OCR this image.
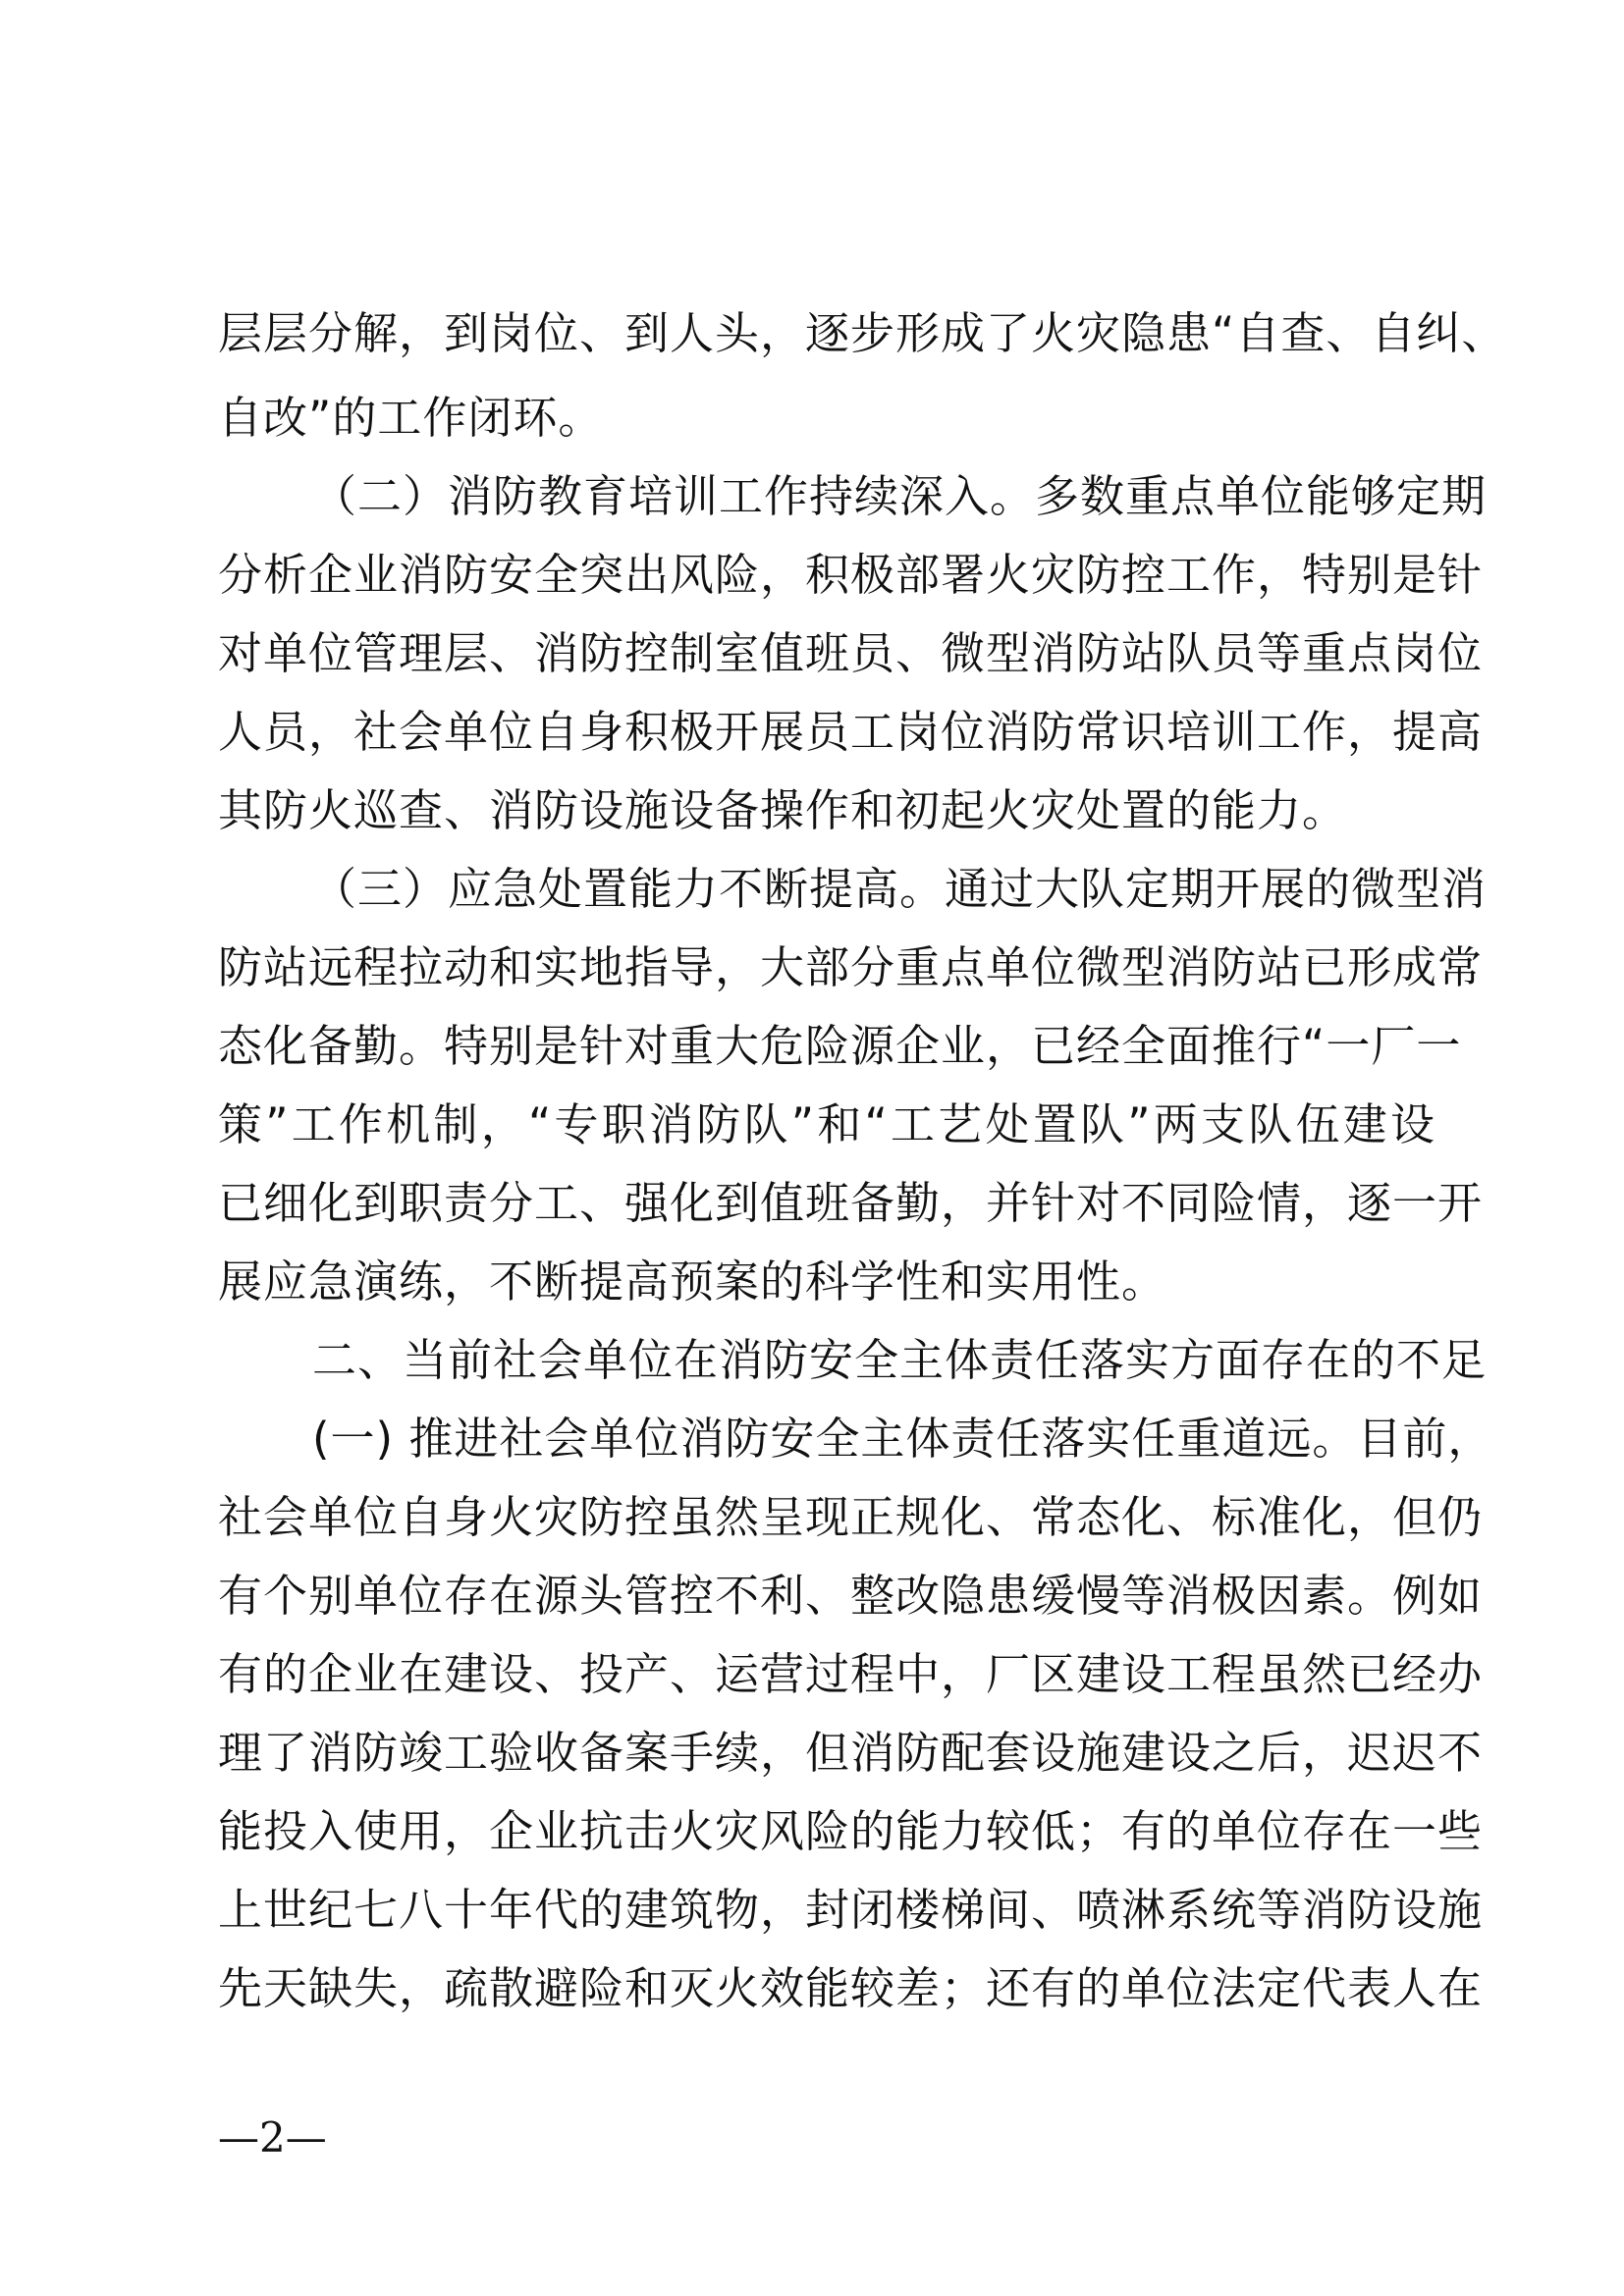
层层分解，到岗位、到人头，逐步形成了火灾隐患“自查、自纠、
自改”的工作闭环。
（二）消防教育培训工作持续深入。多数重点单位能够定期
分析企业消防安全突出风险，积极部署火灾防控工作，特别是针
对单位管理层、消防控制室值班员、微型消防站队员等重点岗位
人员，社会单位自身积极开展员工岗位消防常识培训工作，提高
其防火巡查、消防设施设备操作和初起火灾处置的能力。
（三）应急处置能力不断提高。通过大队定期开展的微型消
防站远程拉动和实地指导，大部分重点单位微型消防站已形成常
态化备勤。特别是针对重大危险源企业，已经全面推行“一厂一
策”工作机制，“专职消防队”和“工艺处置队”两支队伍建设
已细化到职责分工、强化到值班备勤，并针对不同险情，逐一开
展应急演练，不断提高预案的科学性和实用性。
二、当前社会单位在消防安全主体责任落实方面存在的不足
(一) 推进社会单位消防安全主体责任落实任重道远。目前，
社会单位自身火灾防控虽然呈现正规化、常态化、标准化，但仍
有个别单位存在源头管控不利、整改隐患缓慢等消极因素。例如
有的企业在建设、投产、运营过程中，厂区建设工程虽然已经办
理了消防竣工验收备案手续，但消防配套设施建设之后，迟迟不
能投入使用，企业抗击火灾风险的能力较低；有的单位存在一些
上世纪七八十年代的建筑物，封闭楼梯间、喷淋系统等消防设施
先天缺失，疏散避险和灭火效能较差；还有的单位法定代表人在
—2—
